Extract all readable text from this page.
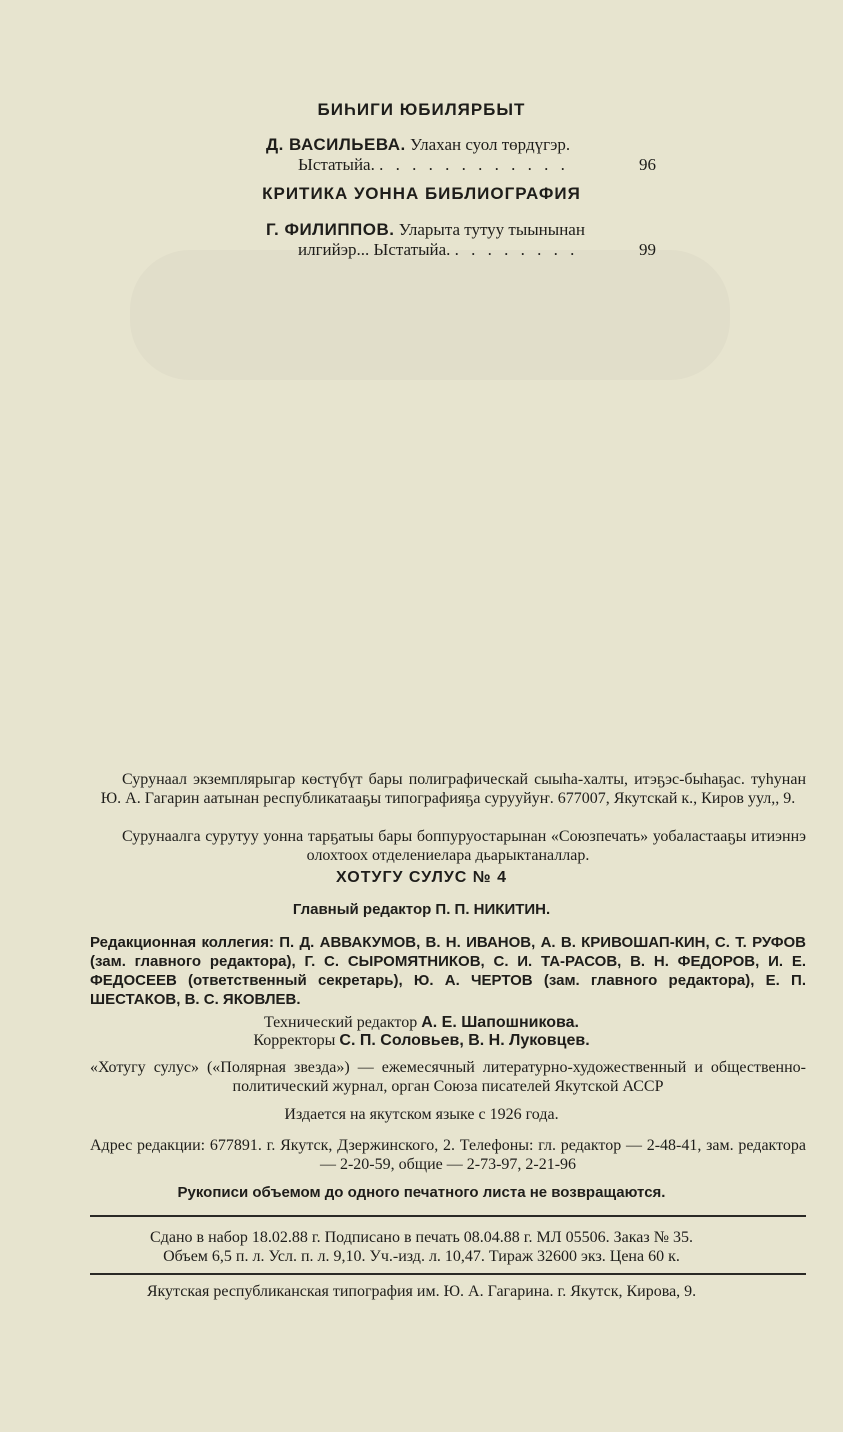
БИҺИГИ ЮБИЛЯРБЫТ
Д. ВАСИЛЬЕВА. Улахан суол төрдүгэр.
Ыстатыйа. . . . . . . . . . . . .	96
КРИТИКА УОННА БИБЛИОГРАФИЯ
Г. ФИЛИППОВ. Уларыта тутуу тыынынан
илгийэр... Ыстатыйа. . . . . . . . .	99
Сурунаал экземплярыгар көстүбүт бары полиграфическай сыыһа-халты, итэҕэс-быһаҕас. туһунан Ю. А. Гагарин аатынан республикатааҕы типографияҕа сурууйуҥ. 677007, Якутскай к., Киров уул,, 9.
Сурунаалга сурутуу уонна тарҕатыы бары боппуруостарынан «Союзпечать» уобаластааҕы итиэннэ олохтоох отделениелара дьарыктаналлар.
ХОТУГУ СУЛУС № 4
Главный редактор П. П. НИКИТИН.
Редакционная коллегия: П. Д. АВВАКУМОВ, В. Н. ИВАНОВ, А. В. КРИВОШАП-КИН, С. Т. РУФОВ (зам. главного редактора), Г. С. СЫРОМЯТНИКОВ, С. И. ТА-РАСОВ, В. Н. ФЕДОРОВ, И. Е. ФЕДОСЕЕВ (ответственный секретарь), Ю. А. ЧЕРТОВ (зам. главного редактора), Е. П. ШЕСТАКОВ, В. С. ЯКОВЛЕВ.
Технический редактор А. Е. Шапошникова.
Корректоры С. П. Соловьев, В. Н. Луковцев.
«Хотугу сулус» («Полярная звезда») — ежемесячный литературно-художественный и общественно-политический журнал, орган Союза писателей Якутской АССР
Издается на якутском языке с 1926 года.
Адрес редакции: 677891. г. Якутск, Дзержинского, 2. Телефоны: гл. редактор — 2-48-41, зам. редактора — 2-20-59, общие — 2-73-97, 2-21-96
Рукописи объемом до одного печатного листа не возвращаются.
Сдано в набор 18.02.88 г. Подписано в печать 08.04.88 г. МЛ 05506. Заказ № 35.
Объем 6,5 п. л. Усл. п. л. 9,10. Уч.-изд. л. 10,47. Тираж 32600 экз. Цена 60 к.
Якутская республиканская типография им. Ю. А. Гагарина. г. Якутск, Кирова, 9.
